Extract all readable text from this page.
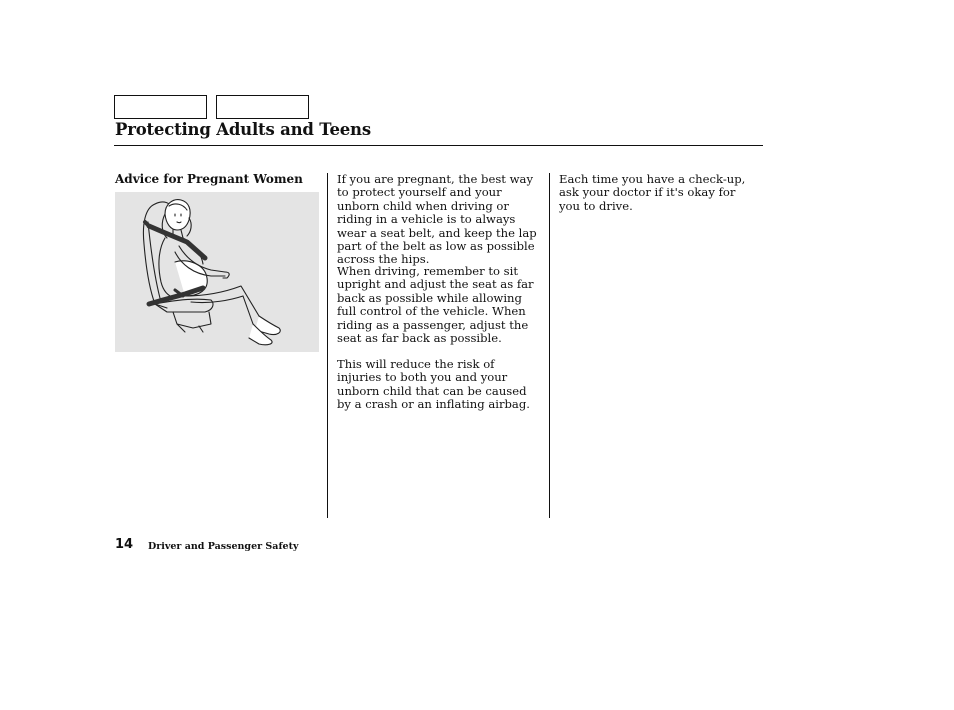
Protecting Adults and Teens
Advice for Pregnant Women	If you are pregnant, the best way to protect yourself and your unborn child when driving or riding in a vehicle is to always wear a seat belt, and keep the lap part of the belt as low as possible across the hips.

When driving, remember to sit upright and adjust the seat as far back as possible while allowing full control of the vehicle. When riding as a passenger, adjust the seat as far back as possible.

This will reduce the risk of injuries to both you and your unborn child that can be caused by a crash or an inflating airbag.

Each time you have a check-up, ask your doctor if it's okay for you to drive.

14 Driver and Passenger Safety
